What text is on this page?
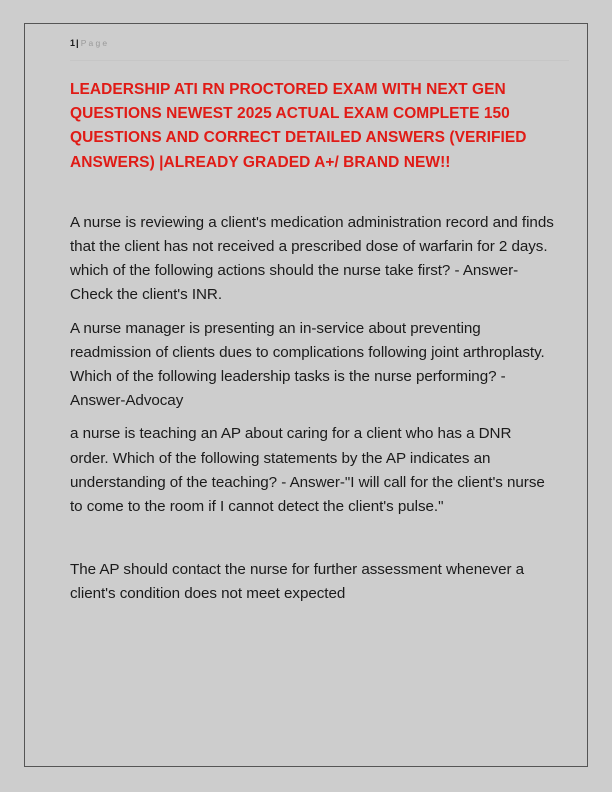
1| Page
LEADERSHIP ATI RN PROCTORED EXAM WITH NEXT GEN QUESTIONS NEWEST 2025 ACTUAL EXAM COMPLETE 150 QUESTIONS AND CORRECT DETAILED ANSWERS (VERIFIED ANSWERS) |ALREADY GRADED A+/ BRAND NEW!!

A nurse is reviewing a client's medication administration record and finds that the client has not received a prescribed dose of warfarin for 2 days. which of the following actions should the nurse take first? - Answer-Check the client's INR.

A nurse manager is presenting an in-service about preventing readmission of clients dues to complications following joint arthroplasty. Which of the following leadership tasks is the nurse performing? - Answer-Advocay

a nurse is teaching an AP about caring for a client who has a DNR order. Which of the following statements by the AP indicates an understanding of the teaching? - Answer-"I will call for the client's nurse to come to the room if I cannot detect the client's pulse."

The AP should contact the nurse for further assessment whenever a client's condition does not meet expected
